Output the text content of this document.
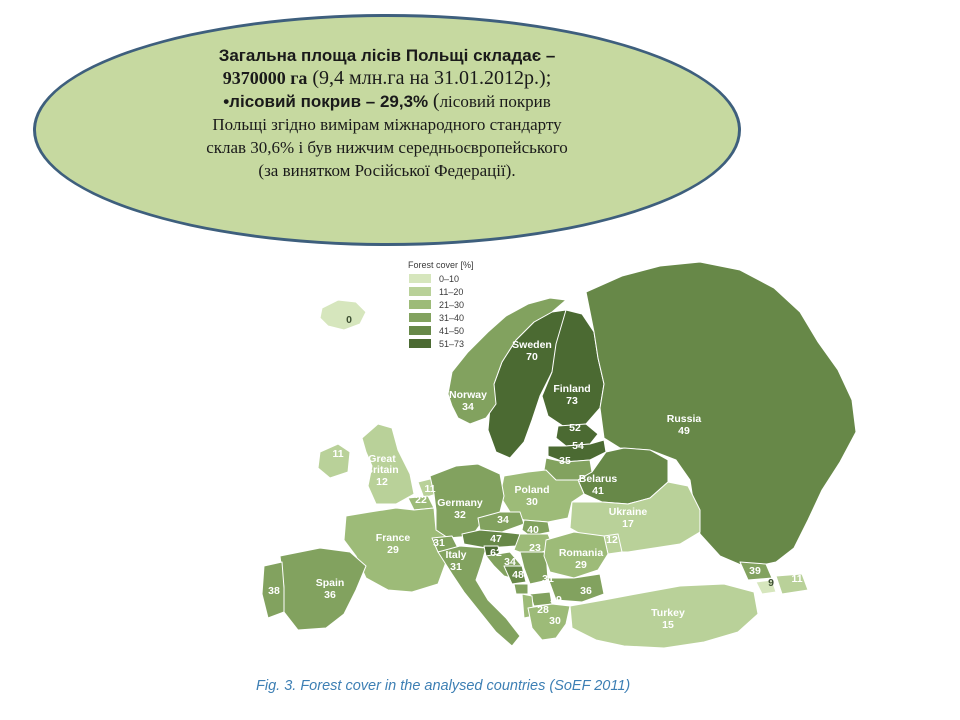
Загальна площа лісів Польщі складає –
9370000 га (9,4 млн.га на 31.01.2012р.);
•лісовий покрив – 29,3% (лісовий покрив
Польщі згідно вимірам міжнародного стандарту
склав 30,6% і був нижчим середньоєвропейського
(за винятком Російської Федерації).
0
Sweden
70
Finland
73
Norway
34
Russia
49
52
54
35
Belarus
41
11 Great
Britain
12
Poland
30
Ukraine
17
11
22 Germany
32	34
40
47
23
12
France
29
31
Italy
31
62
34
48 31
34
Romania
29
36
39
28
30
Spain
36
38
Turkey
15
39
9 11
Forest cover [%]
0–10
11–20
21–30
31–40
41–50
51–73
Fig. 3. Forest cover in the analysed countries (SoEF 2011)
